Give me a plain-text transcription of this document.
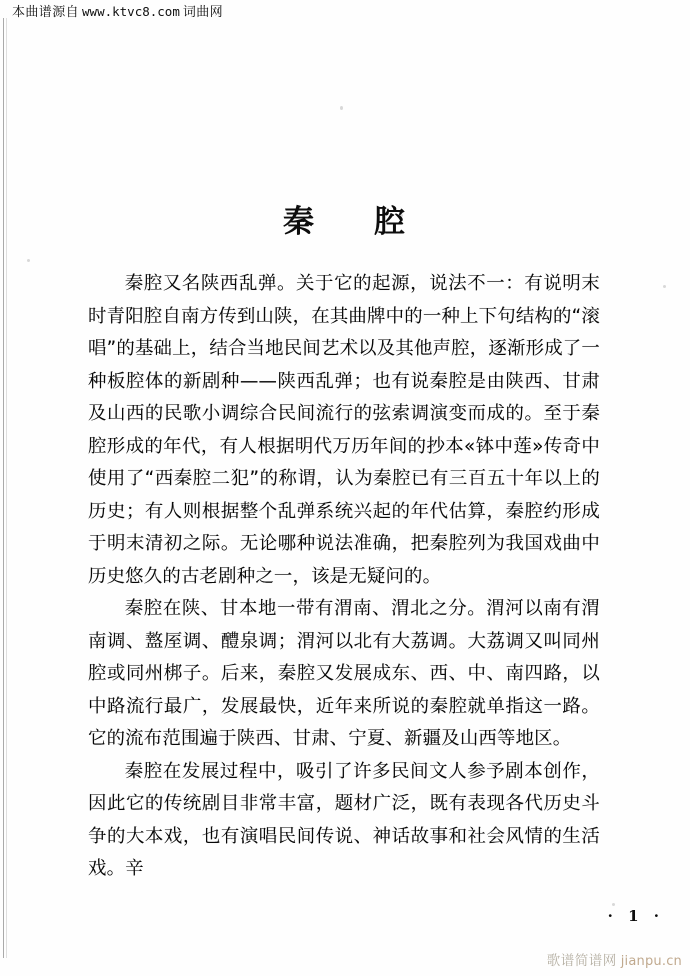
本曲谱源自 www.ktvc8.com 词曲网
秦 腔

秦腔又名陕西乱弹。关于它的起源，说法不一：有说明末时青阳腔自南方传到山陕，在其曲牌中的一种上下句结构的“滚唱”的基础上，结合当地民间艺术以及其他声腔，逐渐形成了一种板腔体的新剧种——陕西乱弹；也有说秦腔是由陕西、甘肃及山西的民歌小调综合民间流行的弦索调演变而成的。至于秦腔形成的年代，有人根据明代万历年间的抄本«钵中莲»传奇中使用了“西秦腔二犯”的称谓，认为秦腔已有三百五十年以上的历史；有人则根据整个乱弹系统兴起的年代估算，秦腔约形成于明末清初之际。无论哪种说法准确，把秦腔列为我国戏曲中历史悠久的古老剧种之一，该是无疑问的。

秦腔在陕、甘本地一带有渭南、渭北之分。渭河以南有渭南调、盩厔调、醴泉调；渭河以北有大荔调。大荔调又叫同州腔或同州梆子。后来，秦腔又发展成东、西、中、南四路，以中路流行最广，发展最快，近年来所说的秦腔就单指这一路。它的流布范围遍于陕西、甘肃、宁夏、新疆及山西等地区。

秦腔在发展过程中，吸引了许多民间文人参予剧本创作，因此它的传统剧目非常丰富，题材广泛，既有表现各代历史斗争的大本戏，也有演唱民间传说、神话故事和社会风情的生活戏。辛

· 1 ·
歌谱简谱网 jianpu.cn
